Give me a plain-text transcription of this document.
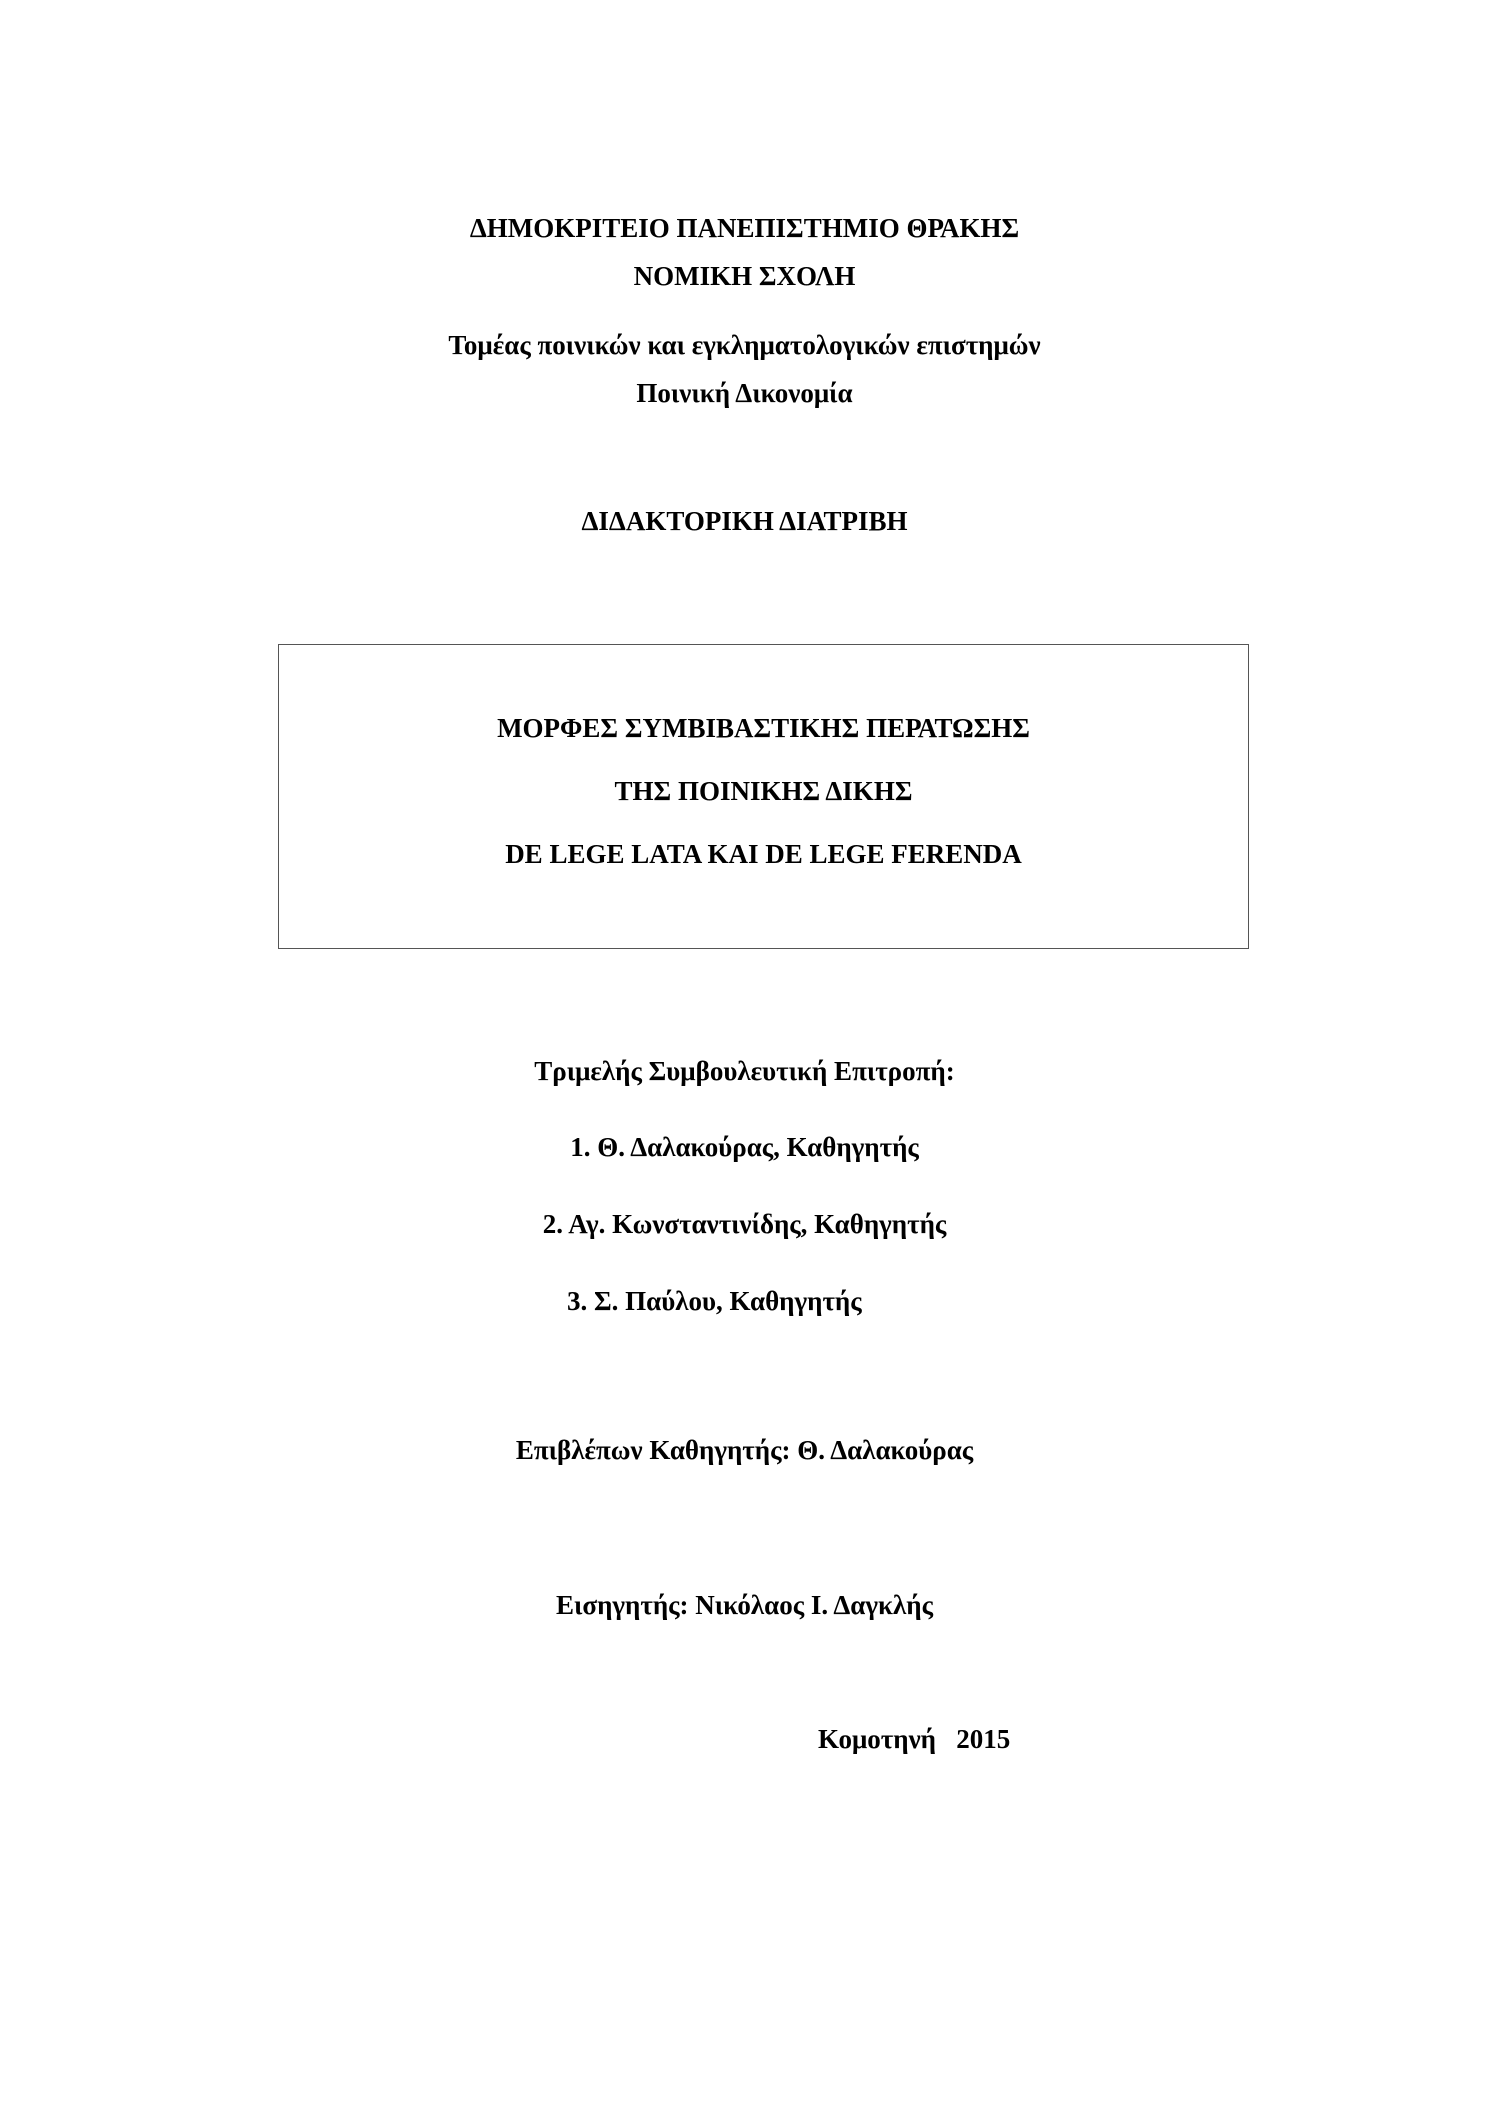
ΔΗΜΟΚΡΙΤΕΙΟ ΠΑΝΕΠΙΣΤΗΜΙΟ ΘΡΑΚΗΣ
ΝΟΜΙΚΗ ΣΧΟΛΗ
Τομέας ποινικών και εγκληματολογικών επιστημών
Ποινική Δικονομία
ΔΙΔΑΚΤΟΡΙΚΗ ΔΙΑΤΡΙΒΗ
ΜΟΡΦΕΣ ΣΥΜΒΙΒΑΣΤΙΚΗΣ ΠΕΡΑΤΩΣΗΣ
ΤΗΣ ΠΟΙΝΙΚΗΣ ΔΙΚΗΣ
DE LEGE LATA KAI DE LEGE FERENDA
Τριμελής Συμβουλευτική Επιτροπή:
1. Θ. Δαλακούρας, Καθηγητής
2. Αγ. Κωνσταντινίδης, Καθηγητής
3. Σ. Παύλου, Καθηγητής
Επιβλέπων Καθηγητής: Θ. Δαλακούρας
Εισηγητής: Νικόλαος Ι. Δαγκλής
Κομοτηνή   2015
